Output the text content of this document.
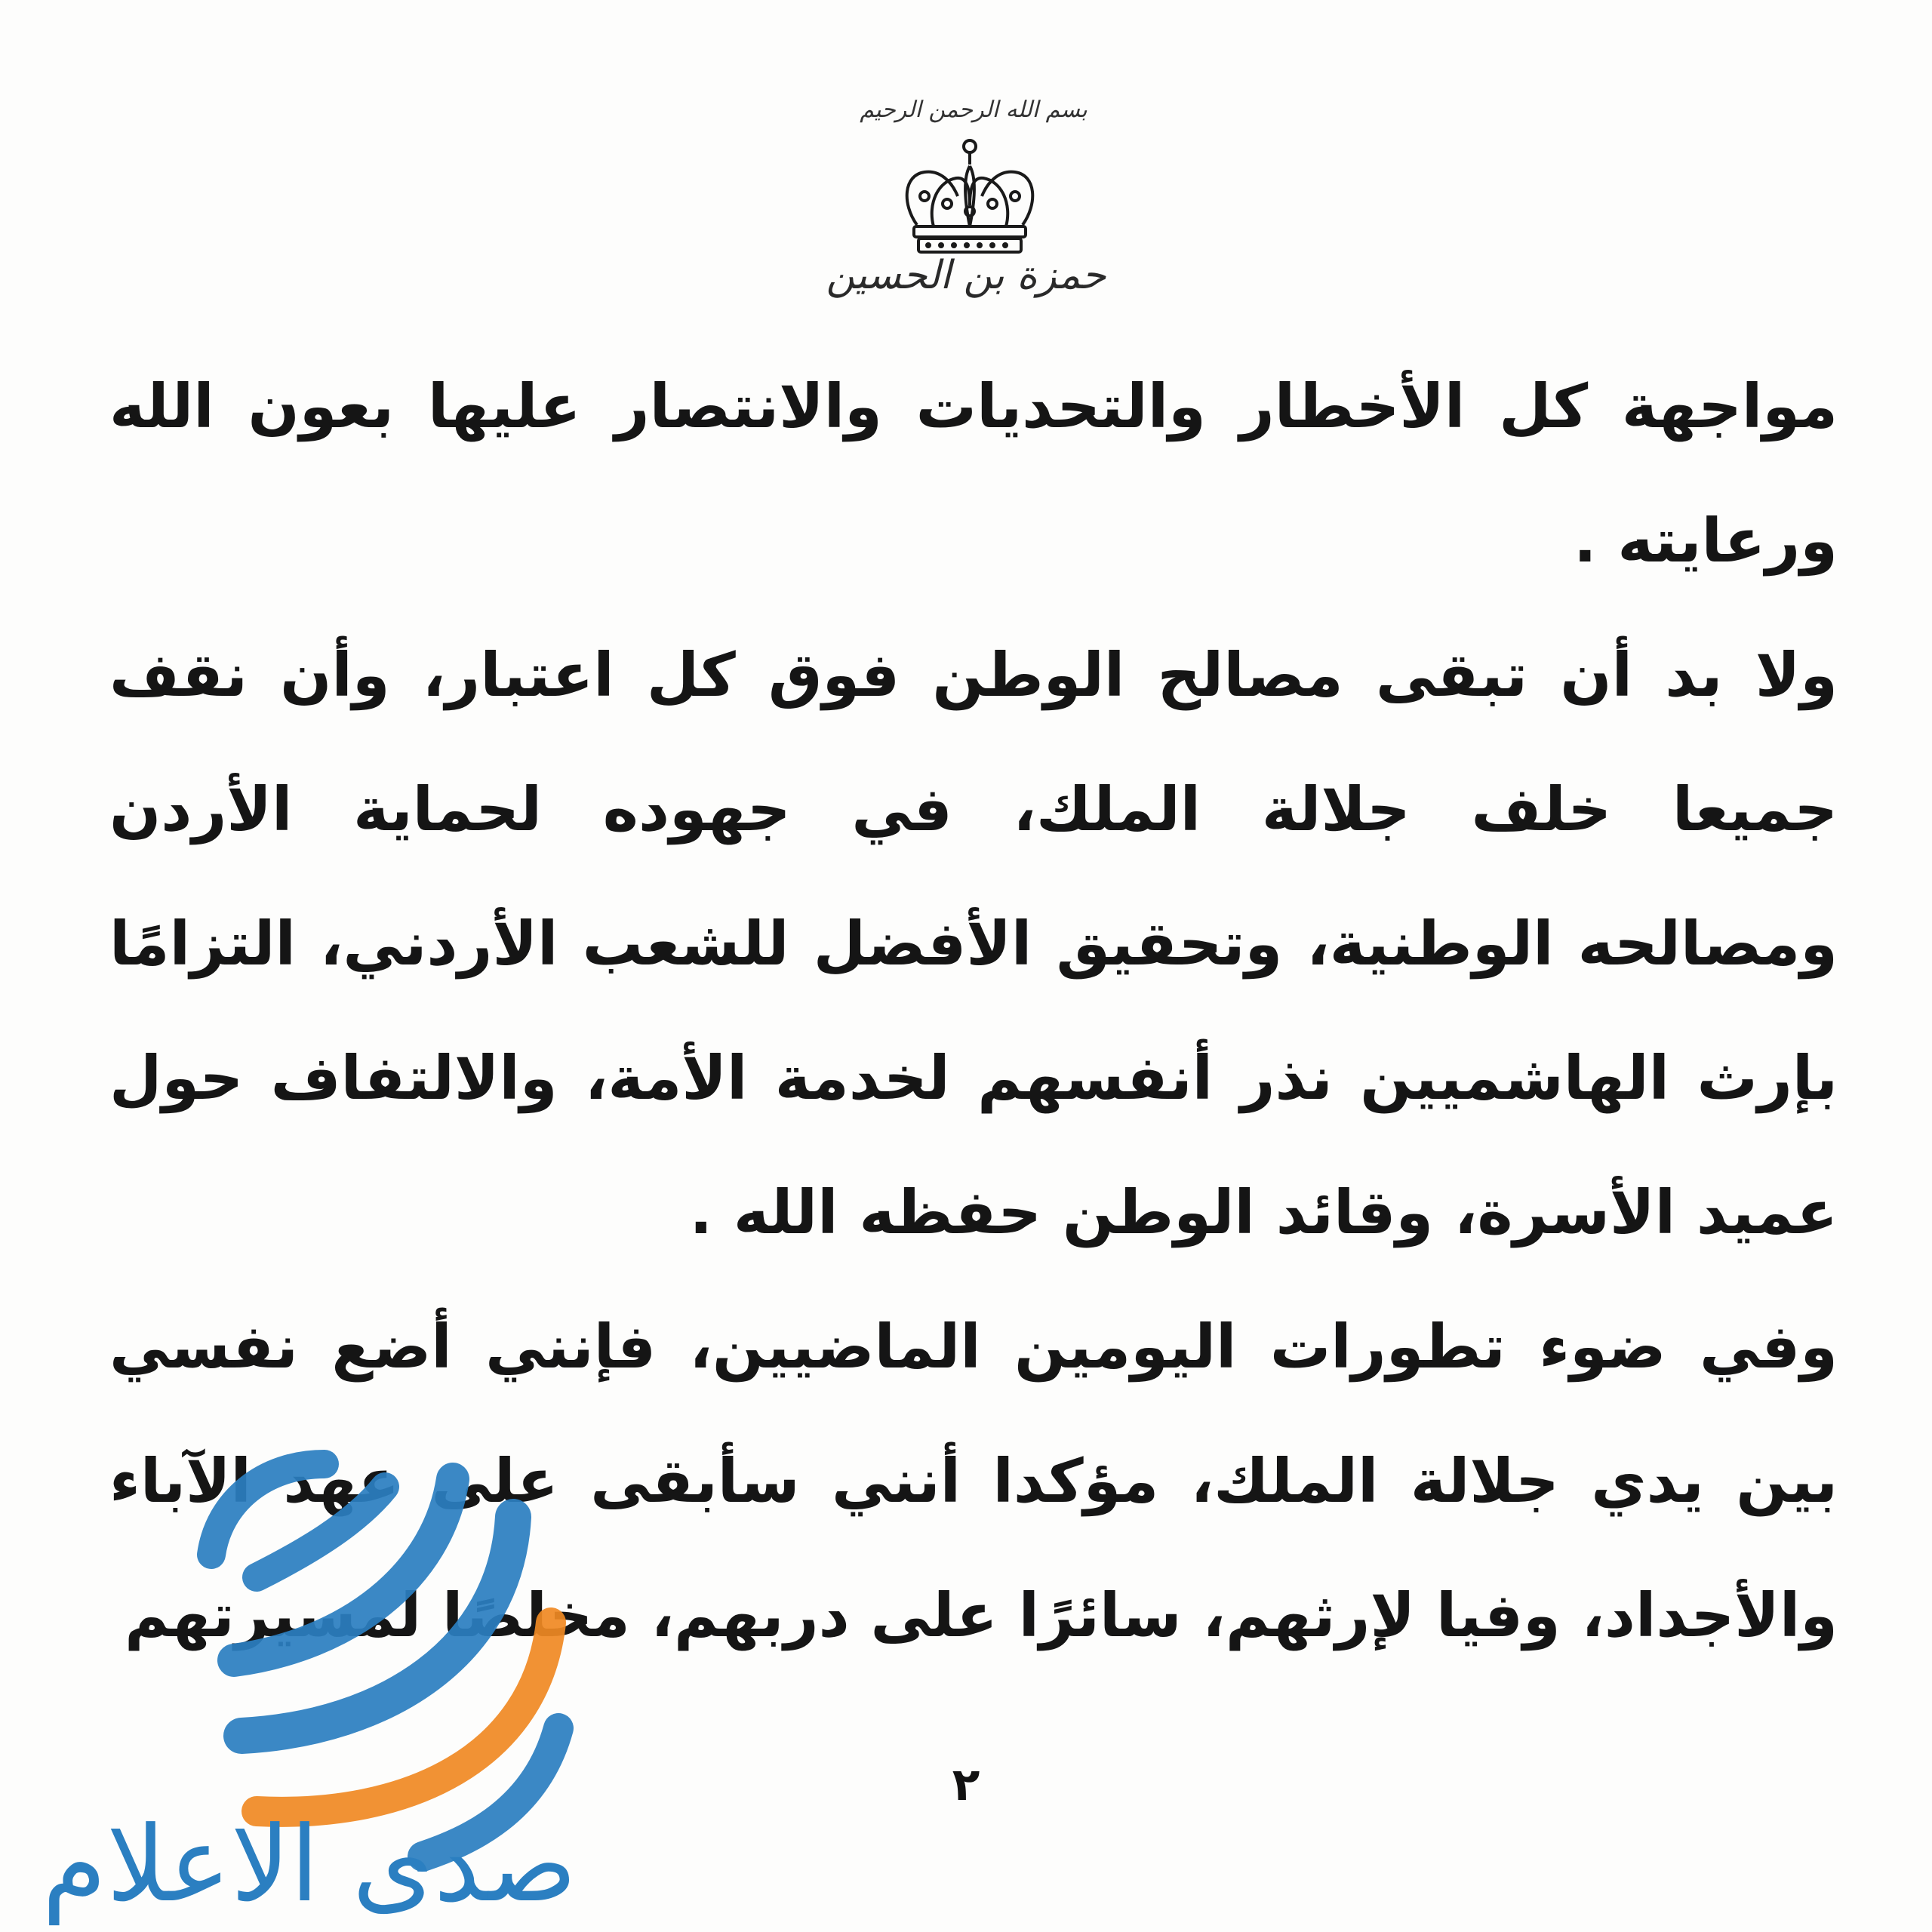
بسم الله الرحمن الرحيم
حمزة بن الحسين

مواجهة كل الأخطار والتحديات والانتصار عليها بعون الله ورعايته .

ولا بد أن تبقى مصالح الوطن فوق كل اعتبار، وأن نقف جميعا خلف جلالة الملك، في جهوده لحماية الأردن ومصالحه الوطنية، وتحقيق الأفضل للشعب الأردني، التزامًا بإرث الهاشميين نذر أنفسهم لخدمة الأمة، والالتفاف حول عميد الأسرة، وقائد الوطن حفظه الله .

وفي ضوء تطورات اليومين الماضيين، فإنني أضع نفسي بين يدي جلالة الملك، مؤكدا أنني سأبقى على عهد الآباء والأجداد، وفيا لإرثهم، سائرًا على دربهم، مخلصًا لمسيرتهم

٢
صدى الاعلام
